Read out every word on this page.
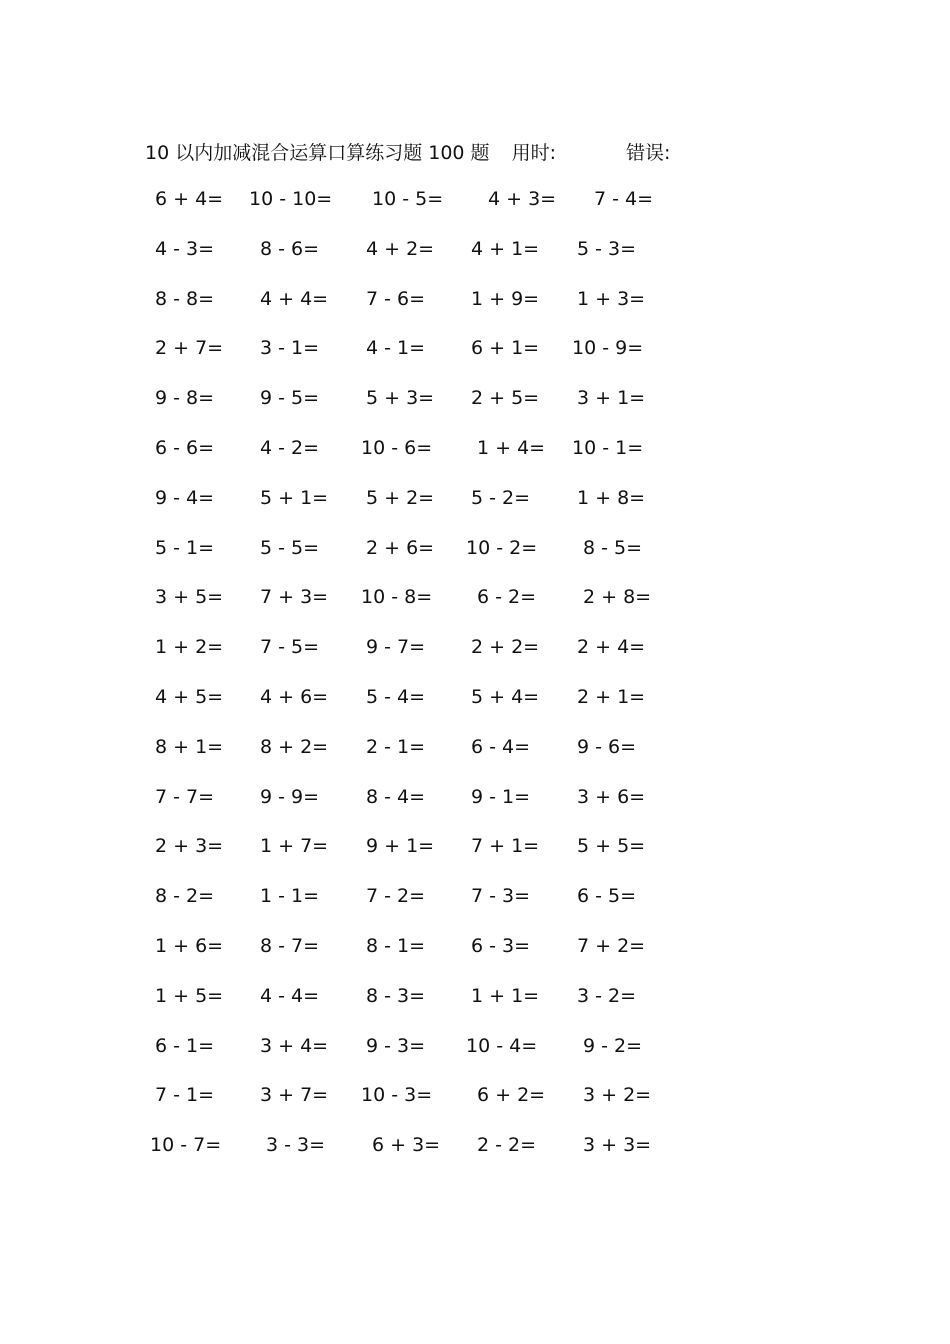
10 以内加减混合运算口算练习题 100 题 用时:	错误:
6 + 4= 10 - 10= 10 - 5= 4 + 3= 7 - 4=
4 - 3= 8 - 6= 4 + 2= 4 + 1= 5 - 3=
8 - 8= 4 + 4= 7 - 6= 1 + 9= 1 + 3=
2 + 7= 3 - 1= 4 - 1= 6 + 1= 10 - 9=
9 - 8= 9 - 5= 5 + 3= 2 + 5= 3 + 1=
6 - 6= 4 - 2= 10 - 6= 1 + 4= 10 - 1=
9 - 4= 5 + 1= 5 + 2= 5 - 2= 1 + 8=
5 - 1= 5 - 5= 2 + 6= 10 - 2= 8 - 5=
3 + 5= 7 + 3= 10 - 8= 6 - 2= 2 + 8=
1 + 2= 7 - 5= 9 - 7= 2 + 2= 2 + 4=
4 + 5= 4 + 6= 5 - 4= 5 + 4= 2 + 1=
8 + 1= 8 + 2= 2 - 1= 6 - 4= 9 - 6=
7 - 7= 9 - 9= 8 - 4= 9 - 1= 3 + 6=
2 + 3= 1 + 7= 9 + 1= 7 + 1= 5 + 5=
8 - 2= 1 - 1= 7 - 2= 7 - 3= 6 - 5=
1 + 6= 8 - 7= 8 - 1= 6 - 3= 7 + 2=
1 + 5= 4 - 4= 8 - 3= 1 + 1= 3 - 2=
6 - 1= 3 + 4= 9 - 3= 10 - 4= 9 - 2=
7 - 1= 3 + 7= 10 - 3= 6 + 2= 3 + 2=
10 - 7= 3 - 3= 6 + 3= 2 - 2= 3 + 3=
